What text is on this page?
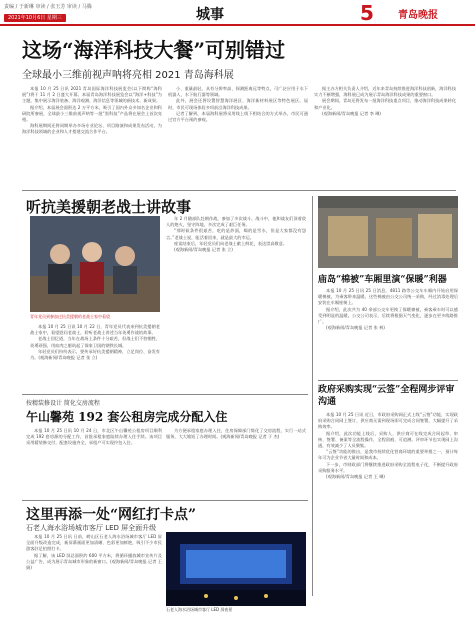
责编 / 于新琳 审读 / 张玉芳 审读 / 马腾
2021年10月6日 星期三	城事	5 青岛晚报
这场“海洋科技大餐”可别错过
全球最小三维前视声呐将亮相 2021 青岛海科展

本报 10 月 25 日讯 2021 青岛国际海洋科技展览会(以下简称“海科展”)将于 11 月 2 日盛大开幕。本届青岛海洋科技展览会以“海洋+科技”为主题，集中展示海洋装备、海洋观测、海洋信息等领域的新技术、新成果。

据介绍，本届展会面积达 2 万平方米，吸引了国内外众多知名企业和科研院所参展，全球最小三维前视声呐等一批“黑科技”产品将在展会上首次亮相。

海科展期间还将同期举办多场专业论坛、项目路演和成果发布活动，为海洋科技领域的企业和人才搭建交流合作平台。

小、重量最轻，具有分辨率高、探测距离远等特点，可广泛应用于水下机器人、水下航行器等领域。

此外，展会还将设置智慧海洋展区、海洋新材料展区等特色展区。届时，市民可现场体验多项前沿海洋科技成果。

记者了解到，本届海科展将采用线上线下相结合的方式举办，市民可通过官方平台预约参观。

据主办方相关负责人介绍，近年来青岛持续推进海洋科技创新，海洋科技实力不断增强，海科展已成为展示青岛海洋科技成果的重要窗口。

展会期间，青岛还将发布一批海洋科技重点项目，推动海洋科技成果转化和产业化。

(观海新闻/青岛晚报 记者 李 琳)

听抗美援朝老战士讲故事
青年党员到参加过抗美援朝的老战士家中看望

本报 10 月 25 日讯 10 月 22 日，青年党员代表来到抗美援朝老战士家中，看望慰问老战士，聆听老战士讲述当年英勇作战的故事。

老战士回忆道，当年在战场上条件十分艰苦，但战士们不怕牺牲、英勇顽强，用血肉之躯筑起了保家卫国的钢铁长城。

年轻党员们纷纷表示，要传承好抗美援朝精神，立足岗位、奋发有为。(观海新闻/青岛晚报 记者 张 立)

年 2 月随部队赴朝作战，参加了多次战斗。战斗中，他和战友们顶着敌人的炮火，坚守阵地，多次完成了艰巨任务。

“那时候条件很艰苦，吃的是炒面，喝的是雪水，但是大家都没有怨言。”老战士说，能活着回来，就是最大的幸运。

座谈结束后，年轻党员们向老战士献上鲜花，表达崇高敬意。

(观海新闻/青岛晚报 记者 张 立)

庙岛“棉被”车厢里演“保暖”利器

本报 10 月 25 日讯 25 日消息，4811 路等公交车车厢内开始启用保暖棉被，为乘客带来温暖。这些棉被由公交公司统一采购，经过消毒处理后安装在车厢座椅上。

据介绍，此次共为 40 余部公交车更换了保暖棉被，乘客乘车时可以感受到明显的温暖。公交公司表示，后续将根据天气变化，逐步在更多线路推广。

(观海新闻/青岛晚报 记者 张 林)

按精装修设计 简化交房流程
午山馨苑 192 套公租房完成分配入住

本报 10 月 25 日讯 10 月 24 日，市北区午山馨苑公租房项目顺利完成 192 套房源的分配工作，首批承租家庭陆续办理入住手续。该项目采用精装修交付，配套设施齐全，承租户可实现拎包入住。

为方便承租家庭办理入住，住房保障部门简化了交房流程，实行一站式服务，大大缩短了办理时间。(观海新闻/青岛晚报 记者 于 杰)

这里再添一处“网红打卡点”
石老人海水浴场城市客厅 LED 屏全面升级

本报 10 月 25 日讯 日前，崂山区石老人海水浴场城市客厅 LED 屏全面升级改造完成，新屏幕画面更加清晰、色彩更加鲜艳，吸引不少市民游客驻足拍照打卡。

据了解，该 LED 屏总面积约 600 平方米，将循环播放城市宣传片及公益广告，成为展示青岛城市形象的新窗口。(观海新闻/青岛晚报 记者 王 娟)

石老人海水浴场城市客厅 LED 屏夜景
政府采购实现“云签”全程网步评审沟通

本报 10 月 25 日讯 近日，市政府采购网正式上线“云签”功能，实现政府采购合同网上签订，供应商无需到现场即可完成合同签署，大幅提升了采购效率。

据介绍，此次功能上线后，采购人、供应商可在线完成合同起草、审核、签署、备案等全流程操作，全程留痕、可追溯。评审环节也实现网上沟通，有效减少了人员聚集。

“云签”功能的推出，是我市持续优化营商环境的重要举措之一，预计每年可为企业节省大量时间和成本。

下一步，市财政部门将继续推进政府采购全流程电子化，不断提升政府采购服务水平。

(观海新闻/青岛晚报 记者 王 琳)
